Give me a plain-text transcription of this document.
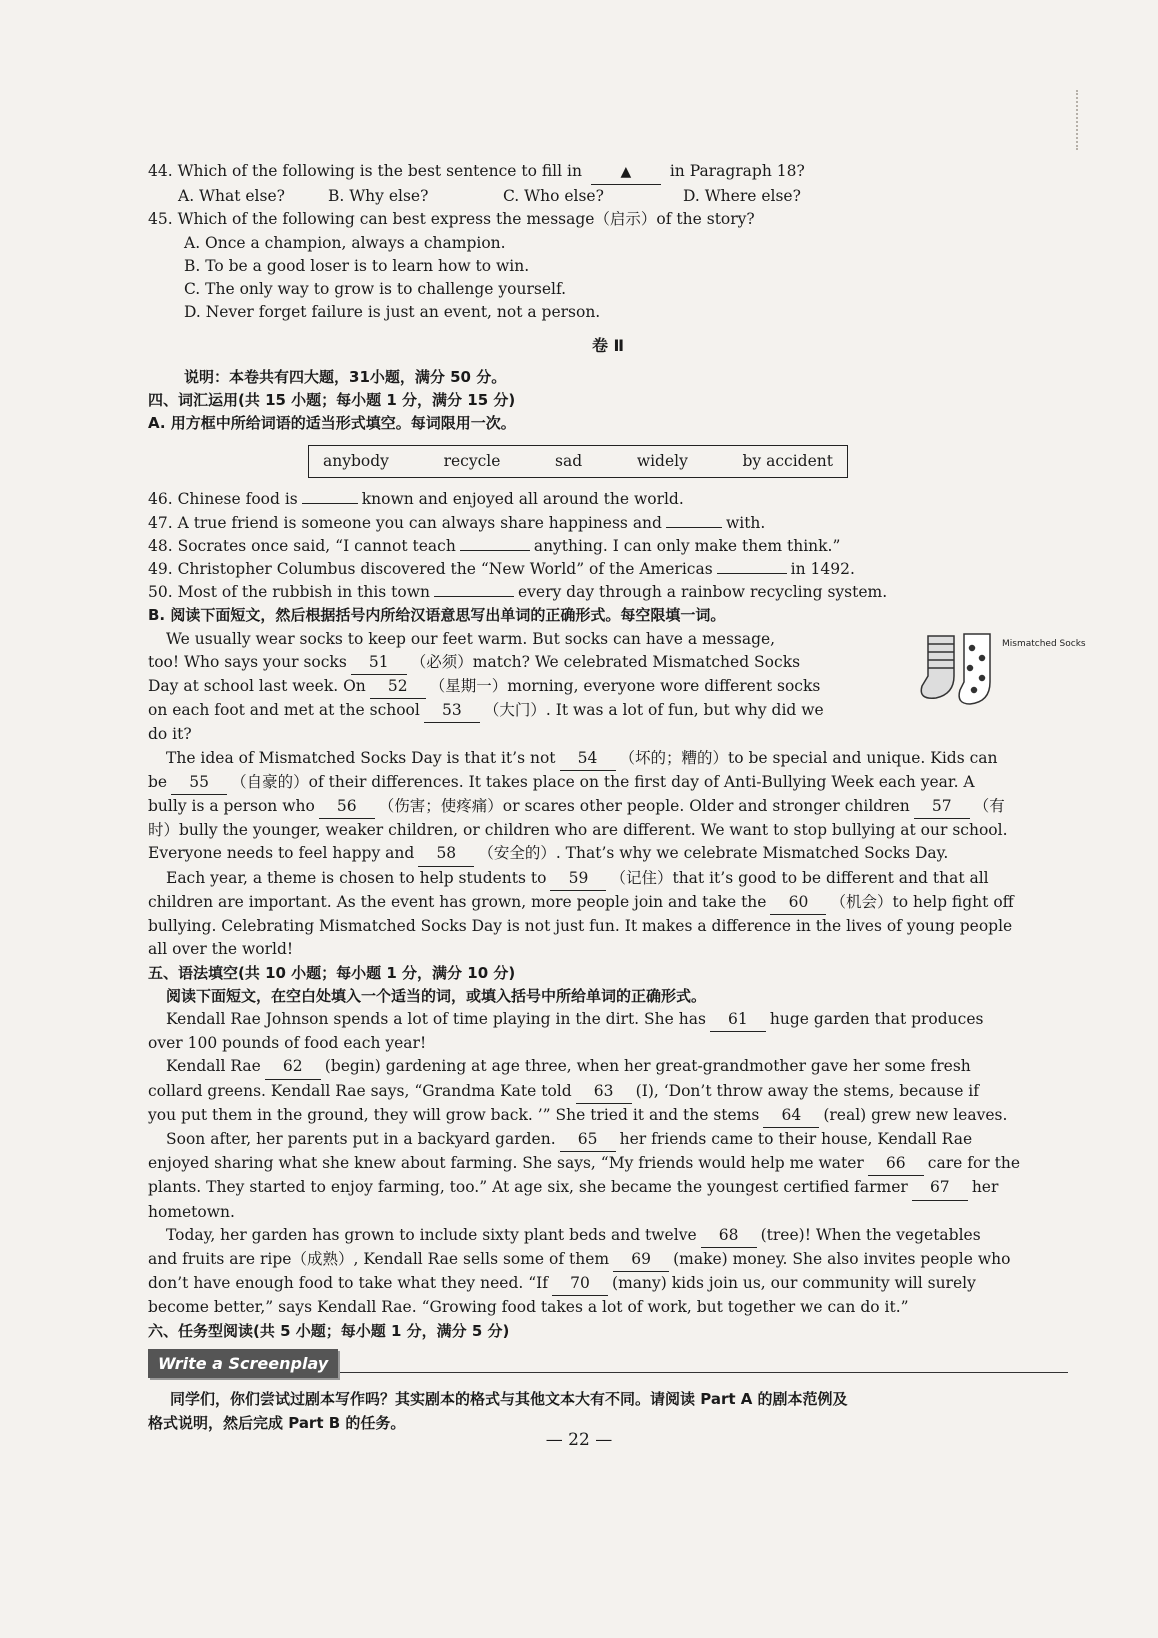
44. Which of the following is the best sentence to fill in	▲ in Paragraph 18?
A. What else?	B. Why else?	C. Who else?	D. Where else?
45. Which of the following can best express the message（启示）of the story?
A. Once a champion, always a champion.
B. To be a good loser is to learn how to win.
C. The only way to grow is to challenge yourself.
D. Never forget failure is just an event, not a person.
卷 Ⅱ
说明：本卷共有四大题，31小题，满分 50 分。
四、词汇运用(共 15 小题；每小题 1 分，满分 15 分)
A. 用方框中所给词语的适当形式填空。每词限用一次。
anybody	recycle	sad	widely	by accident
46. Chinese food is	known and enjoyed all around the world.
47. A true friend is someone you can always share happiness and	with.
48. Socrates once said, “I cannot teach	anything. I can only make them think.”
49. Christopher Columbus discovered the “New World” of the Americas	in 1492.
50. Most of the rubbish in this town	every day through a rainbow recycling system.
B. 阅读下面短文，然后根据括号内所给汉语意思写出单词的正确形式。每空限填一词。
Mismatched Socks
We usually wear socks to keep our feet warm. But socks can have a message,
too! Who says your socks 51 （必须）match? We celebrated Mismatched Socks
Day at school last week. On 52 （星期一）morning, everyone wore different socks
on each foot and met at the school 53 （大门）. It was a lot of fun, but why did we
do it?
The idea of Mismatched Socks Day is that it’s not 54 （坏的；糟的）to be special and unique. Kids can
be 55 （自豪的）of their differences. It takes place on the first day of Anti-Bullying Week each year. A
bully is a person who 56 （伤害；使疼痛）or scares other people. Older and stronger children 57 （有
时）bully the younger, weaker children, or children who are different. We want to stop bullying at our school.
Everyone needs to feel happy and 58 （安全的）. That’s why we celebrate Mismatched Socks Day.
Each year, a theme is chosen to help students to 59 （记住）that it’s good to be different and that all
children are important. As the event has grown, more people join and take the 60 （机会）to help fight off
bullying. Celebrating Mismatched Socks Day is not just fun. It makes a difference in the lives of young people
all over the world!
五、语法填空(共 10 小题；每小题 1 分，满分 10 分)
阅读下面短文，在空白处填入一个适当的词，或填入括号中所给单词的正确形式。
Kendall Rae Johnson spends a lot of time playing in the dirt. She has 61 huge garden that produces
over 100 pounds of food each year!
Kendall Rae 62 (begin) gardening at age three, when her great-grandmother gave her some fresh
collard greens. Kendall Rae says, “Grandma Kate told 63 (I), ‘Don’t throw away the stems, because if
you put them in the ground, they will grow back. ’” She tried it and the stems 64 (real) grew new leaves.
Soon after, her parents put in a backyard garden. 65 her friends came to their house, Kendall Rae
enjoyed sharing what she knew about farming. She says, “My friends would help me water 66 care for the
plants. They started to enjoy farming, too.” At age six, she became the youngest certified farmer 67 her
hometown.
Today, her garden has grown to include sixty plant beds and twelve 68 (tree)! When the vegetables
and fruits are ripe（成熟）, Kendall Rae sells some of them 69 (make) money. She also invites people who
don’t have enough food to take what they need. “If 70 (many) kids join us, our community will surely
become better,” says Kendall Rae. “Growing food takes a lot of work, but together we can do it.”
六、任务型阅读(共 5 小题；每小题 1 分，满分 5 分)
Write a Screenplay
同学们，你们尝试过剧本写作吗？其实剧本的格式与其他文本大有不同。请阅读 Part A 的剧本范例及
格式说明，然后完成 Part B 的任务。
— 22 —
